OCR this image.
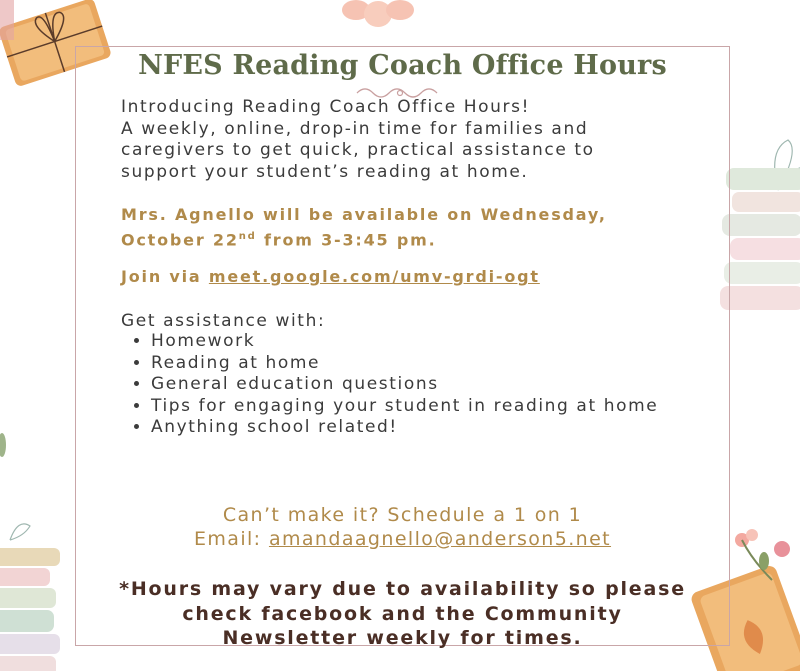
NFES Reading Coach Office Hours

Introducing Reading Coach Office Hours!
A weekly, online, drop-in time for families and
caregivers to get quick, practical assistance to
support your student’s reading at home.

Mrs. Agnello will be available on Wednesday,
October 22nd from 3-3:45 pm.

Join via meet.google.com/umv-grdi-ogt

Get assistance with:

• Homework
• Reading at home
• General education questions
• Tips for engaging your student in reading at home
• Anything school related!

Can’t make it? Schedule a 1 on 1
Email: amandaagnello@anderson5.net

*Hours may vary due to availability so please
check facebook and the Community
Newsletter weekly for times.
